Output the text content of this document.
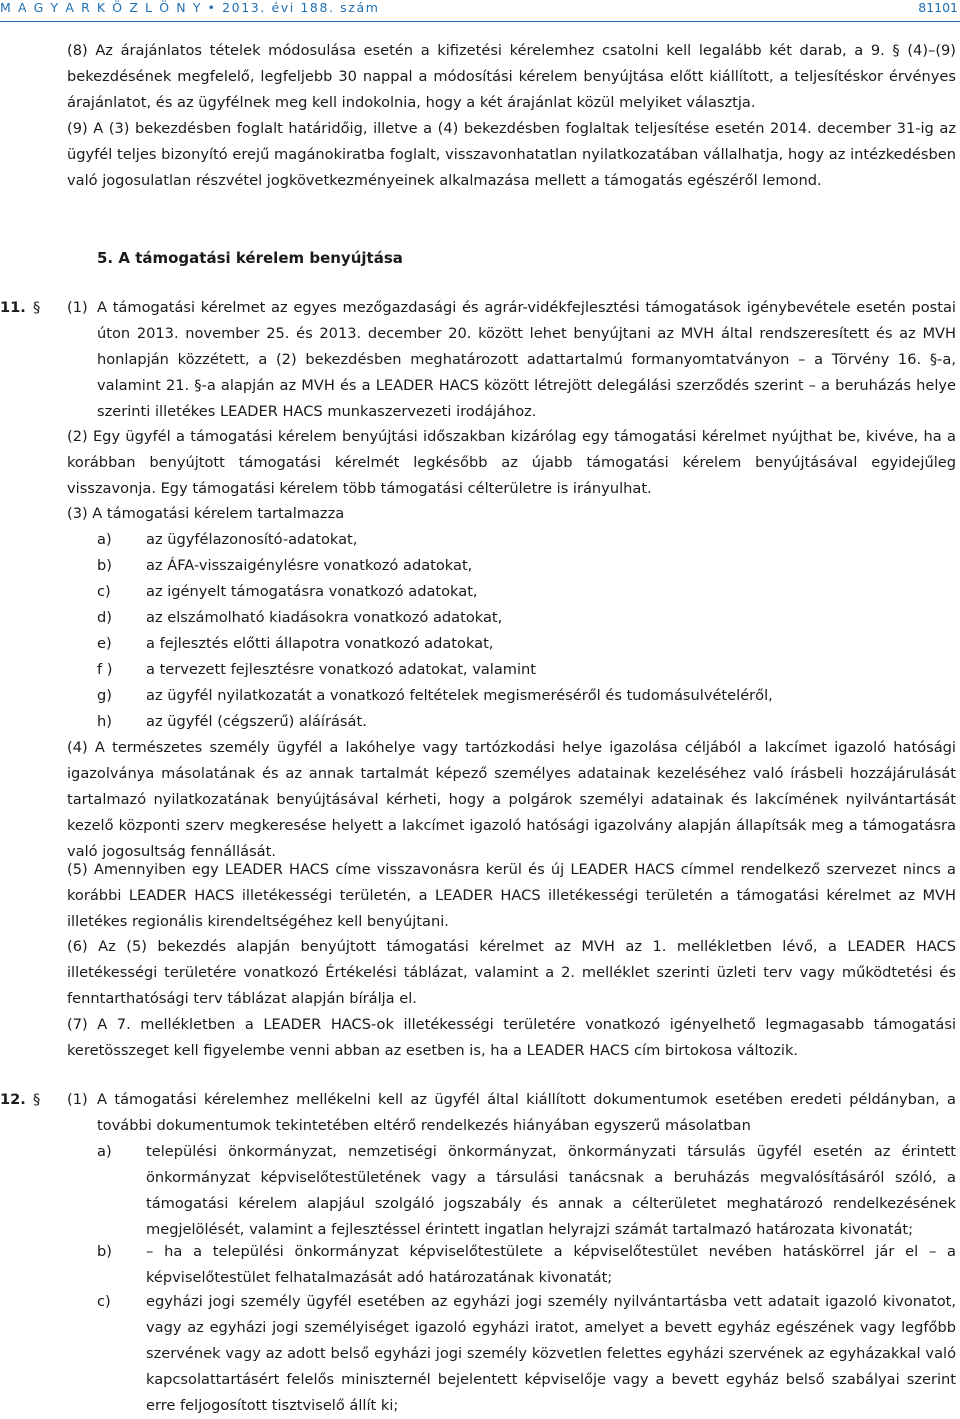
M A G Y A R K Ö Z L Ö N Y • 2013. évi 188. szám	81101
(8) Az árajánlatos tételek módosulása esetén a kifizetési kérelemhez csatolni kell legalább két darab, a 9. § (4)–(9) bekezdésének megfelelő, legfeljebb 30 nappal a módosítási kérelem benyújtása előtt kiállított, a teljesítéskor érvényes árajánlatot, és az ügyfélnek meg kell indokolnia, hogy a két árajánlat közül melyiket választja.
(9) A (3) bekezdésben foglalt határidőig, illetve a (4) bekezdésben foglaltak teljesítése esetén 2014. december 31-ig az ügyfél teljes bizonyító erejű magánokiratba foglalt, visszavonhatatlan nyilatkozatában vállalhatja, hogy az intézkedésben való jogosulatlan részvétel jogkövetkezményeinek alkalmazása mellett a támogatás egészéről lemond.
5. A támogatási kérelem benyújtása
11. § (1) A támogatási kérelmet az egyes mezőgazdasági és agrár-vidékfejlesztési támogatások igénybevétele esetén postai úton 2013. november 25. és 2013. december 20. között lehet benyújtani az MVH által rendszeresített és az MVH honlapján közzétett, a (2) bekezdésben meghatározott adattartalmú formanyomtatványon – a Törvény 16. §-a, valamint 21. §-a alapján az MVH és a LEADER HACS között létrejött delegálási szerződés szerint – a beruházás helye szerinti illetékes LEADER HACS munkaszervezeti irodájához.
(2) Egy ügyfél a támogatási kérelem benyújtási időszakban kizárólag egy támogatási kérelmet nyújthat be, kivéve, ha a korábban benyújtott támogatási kérelmét legkésőbb az újabb támogatási kérelem benyújtásával egyidejűleg visszavonja. Egy támogatási kérelem több támogatási célterületre is irányulhat.
(3) A támogatási kérelem tartalmazza
a) az ügyfélazonosító-adatokat,
b) az ÁFA-visszaigénylésre vonatkozó adatokat,
c) az igényelt támogatásra vonatkozó adatokat,
d) az elszámolható kiadásokra vonatkozó adatokat,
e) a fejlesztés előtti állapotra vonatkozó adatokat,
f ) a tervezett fejlesztésre vonatkozó adatokat, valamint
g) az ügyfél nyilatkozatát a vonatkozó feltételek megismeréséről és tudomásulvételéről,
h) az ügyfél (cégszerű) aláírását.
(4) A természetes személy ügyfél a lakóhelye vagy tartózkodási helye igazolása céljából a lakcímet igazoló hatósági igazolványa másolatának és az annak tartalmát képező személyes adatainak kezeléséhez való írásbeli hozzájárulását tartalmazó nyilatkozatának benyújtásával kérheti, hogy a polgárok személyi adatainak és lakcímének nyilvántartását kezelő központi szerv megkeresése helyett a lakcímet igazoló hatósági igazolvány alapján állapítsák meg a támogatásra való jogosultság fennállását.
(5) Amennyiben egy LEADER HACS címe visszavonásra kerül és új LEADER HACS címmel rendelkező szervezet nincs a korábbi LEADER HACS illetékességi területén, a LEADER HACS illetékességi területén a támogatási kérelmet az MVH illetékes regionális kirendeltségéhez kell benyújtani.
(6) Az (5) bekezdés alapján benyújtott támogatási kérelmet az MVH az 1. mellékletben lévő, a LEADER HACS illetékességi területére vonatkozó Értékelési táblázat, valamint a 2. melléklet szerinti üzleti terv vagy működtetési és fenntarthatósági terv táblázat alapján bírálja el.
(7) A 7. mellékletben a LEADER HACS-ok illetékességi területére vonatkozó igényelhető legmagasabb támogatási keretösszeget kell figyelembe venni abban az esetben is, ha a LEADER HACS cím birtokosa változik.
12. § (1) A támogatási kérelemhez mellékelni kell az ügyfél által kiállított dokumentumok esetében eredeti példányban, a további dokumentumok tekintetében eltérő rendelkezés hiányában egyszerű másolatban
a) települési önkormányzat, nemzetiségi önkormányzat, önkormányzati társulás ügyfél esetén az érintett önkormányzat képviselőtestületének vagy a társulási tanácsnak a beruházás megvalósításáról szóló, a támogatási kérelem alapjául szolgáló jogszabály és annak a célterületet meghatározó rendelkezésének megjelölését, valamint a fejlesztéssel érintett ingatlan helyrajzi számát tartalmazó határozata kivonatát;
b) – ha a települési önkormányzat képviselőtestülete a képviselőtestület nevében hatáskörrel jár el – a képviselőtestület felhatalmazását adó határozatának kivonatát;
c) egyházi jogi személy ügyfél esetében az egyházi jogi személy nyilvántartásba vett adatait igazoló kivonatot, vagy az egyházi jogi személyiséget igazoló egyházi iratot, amelyet a bevett egyház egészének vagy legfőbb szervének vagy az adott belső egyházi jogi személy közvetlen felettes egyházi szervének az egyházakkal való kapcsolattartásért felelős miniszternél bejelentett képviselője vagy a bevett egyház belső szabályai szerint erre feljogosított tisztviselő állít ki;
